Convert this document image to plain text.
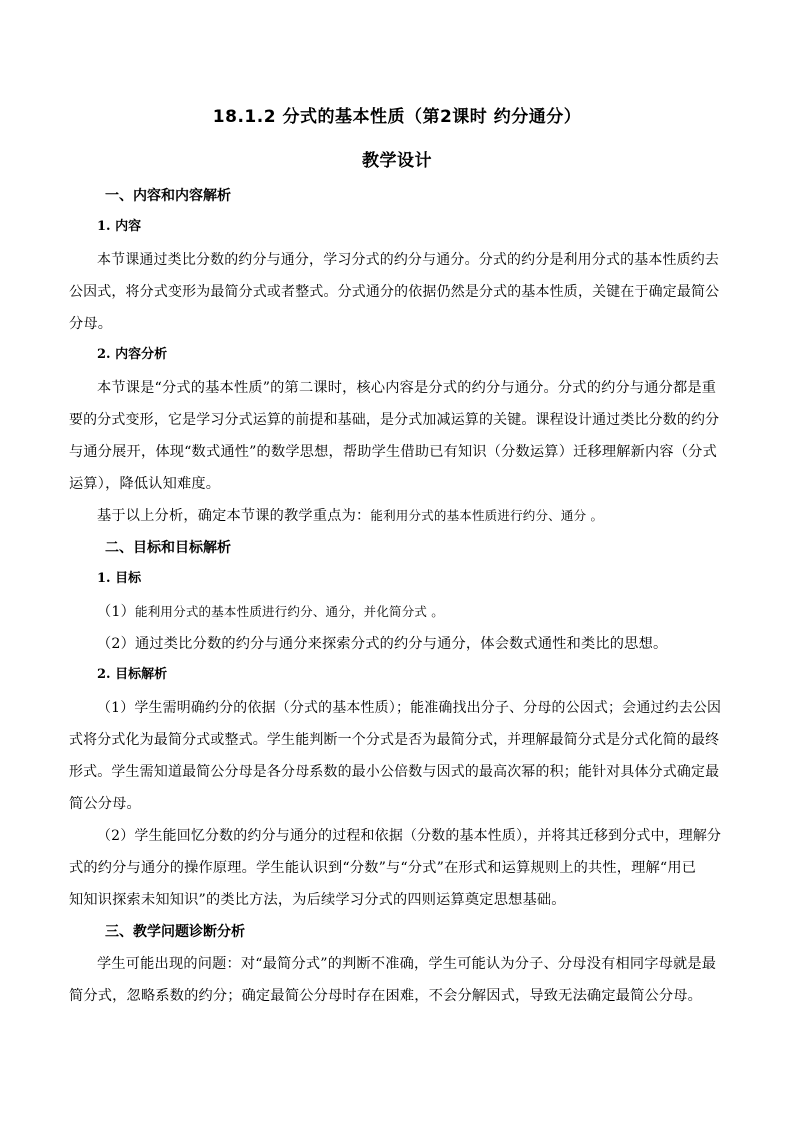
18.1.2 分式的基本性质（第2课时 约分通分）
教学设计
一、内容和内容解析
1. 内容
本节课通过类比分数的约分与通分，学习分式的约分与通分。分式的约分是利用分式的基本性质约去
公因式，将分式变形为最简分式或者整式。分式通分的依据仍然是分式的基本性质，关键在于确定最简公
分母。
2. 内容分析
本节课是“分式的基本性质”的第二课时，核心内容是分式的约分与通分。分式的约分与通分都是重
要的分式变形，它是学习分式运算的前提和基础，是分式加减运算的关键。课程设计通过类比分数的约分
与通分展开，体现“数式通性”的数学思想，帮助学生借助已有知识（分数运算）迁移理解新内容（分式
运算），降低认知难度。
基于以上分析，确定本节课的教学重点为：能利用分式的基本性质进行约分、通分 。
二、目标和目标解析
1. 目标
（1）能利用分式的基本性质进行约分、通分，并化简分式 。
（2）通过类比分数的约分与通分来探索分式的约分与通分，体会数式通性和类比的思想。
2. 目标解析
（1）学生需明确约分的依据（分式的基本性质）；能准确找出分子、分母的公因式；会通过约去公因
式将分式化为最简分式或整式。学生能判断一个分式是否为最简分式，并理解最简分式是分式化简的最终
形式。学生需知道最简公分母是各分母系数的最小公倍数与因式的最高次幂的积；能针对具体分式确定最
简公分母。
（2）学生能回忆分数的约分与通分的过程和依据（分数的基本性质），并将其迁移到分式中，理解分
式的约分与通分的操作原理。学生能认识到“分数”与“分式”在形式和运算规则上的共性，理解“用已
知知识探索未知知识”的类比方法，为后续学习分式的四则运算奠定思想基础。
三、教学问题诊断分析
学生可能出现的问题：对“最简分式”的判断不准确，学生可能认为分子、分母没有相同字母就是最
简分式，忽略系数的约分；确定最简公分母时存在困难，不会分解因式，导致无法确定最简公分母。
